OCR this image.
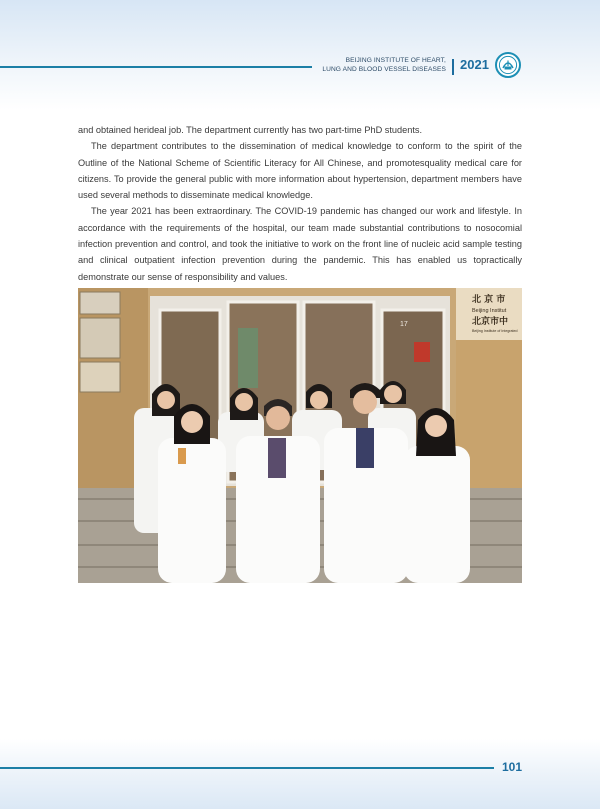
BEIJING INSTITUTE OF HEART,
LUNG AND BLOOD VESSEL DISEASES 2021

and obtained herideal job. The department currently has two part-time PhD students.

The department contributes to the dissemination of medical knowledge to conform to the spirit of the Outline of the National Scheme of Scientific Literacy for All Chinese, and promotesquality medical care for citizens. To provide the general public with more information about hypertension, department members have used several methods to disseminate medical knowledge.

The year 2021 has been extraordinary. The COVID-19 pandemic has changed our work and lifestyle. In accordance with the requirements of the hospital, our team made substantial contributions to nosocomial infection prevention and control, and took the initiative to work on the front line of nucleic acid sample testing and clinical outpatient infection prevention during the pandemic. This has enabled us topractically demonstrate our sense of responsibility and values.

北 京 市
Beijing Institut
北京市中
Beijing Institute of Integrated
17
101
